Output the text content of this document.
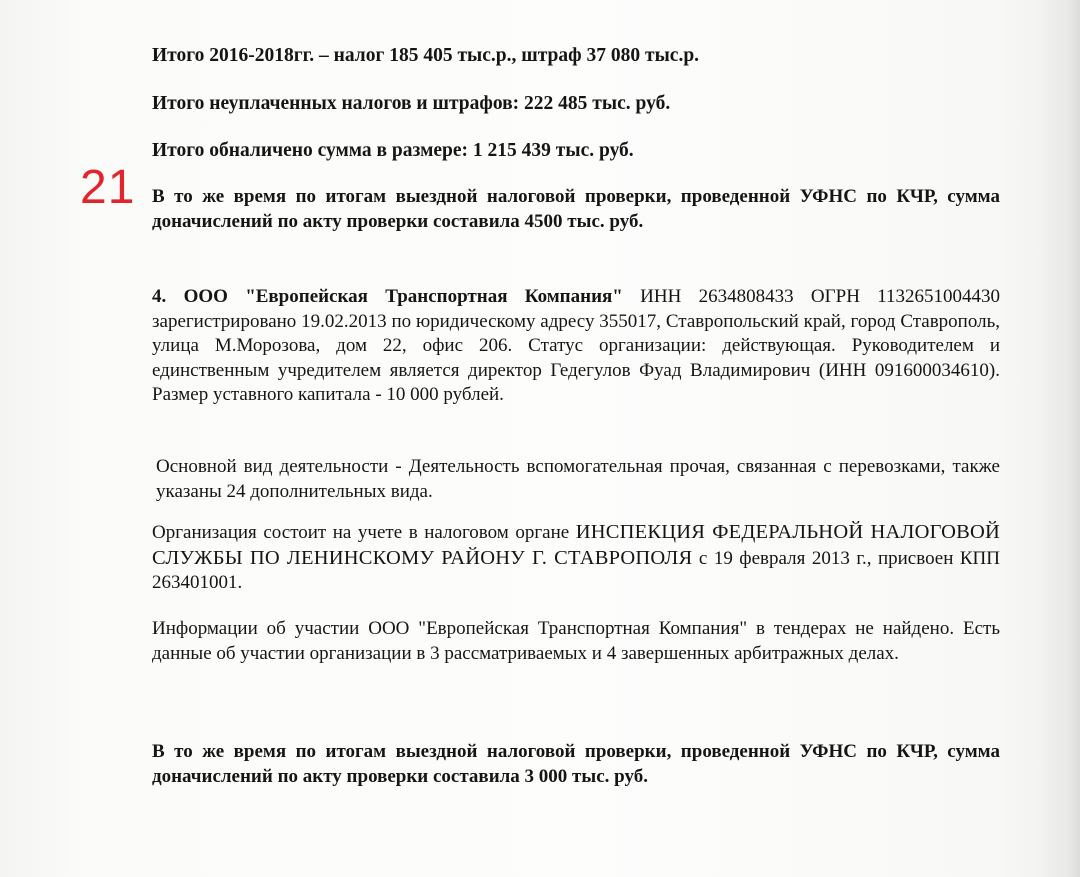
21

Итого 2016-2018гг. – налог 185 405 тыс.р., штраф 37 080 тыс.р.

Итого неуплаченных налогов и штрафов: 222 485 тыс. руб.

Итого обналичено сумма в размере: 1 215 439 тыс. руб.

В то же время по итогам выездной налоговой проверки, проведенной УФНС по КЧР, сумма доначислений по акту проверки составила 4500 тыс. руб.

4. ООО "Европейская Транспортная Компания" ИНН 2634808433 ОГРН 1132651004430 зарегистрировано 19.02.2013 по юридическому адресу 355017, Ставропольский край, город Ставрополь, улица М.Морозова, дом 22, офис 206. Статус организации: действующая. Руководителем и единственным учредителем является директор Гедегулов Фуад Владимирович (ИНН 091600034610). Размер уставного капитала - 10 000 рублей.

Основной вид деятельности - Деятельность вспомогательная прочая, связанная с перевозками, также указаны 24 дополнительных вида.

Организация состоит на учете в налоговом органе ИНСПЕКЦИЯ ФЕДЕРАЛЬНОЙ НАЛОГОВОЙ СЛУЖБЫ ПО ЛЕНИНСКОМУ РАЙОНУ Г. СТАВРОПОЛЯ с 19 февраля 2013 г., присвоен КПП 263401001.

Информации об участии ООО "Европейская Транспортная Компания" в тендерах не найдено. Есть данные об участии организации в 3 рассматриваемых и 4 завершенных арбитражных делах.

В то же время по итогам выездной налоговой проверки, проведенной УФНС по КЧР, сумма доначислений по акту проверки составила 3 000 тыс. руб.
